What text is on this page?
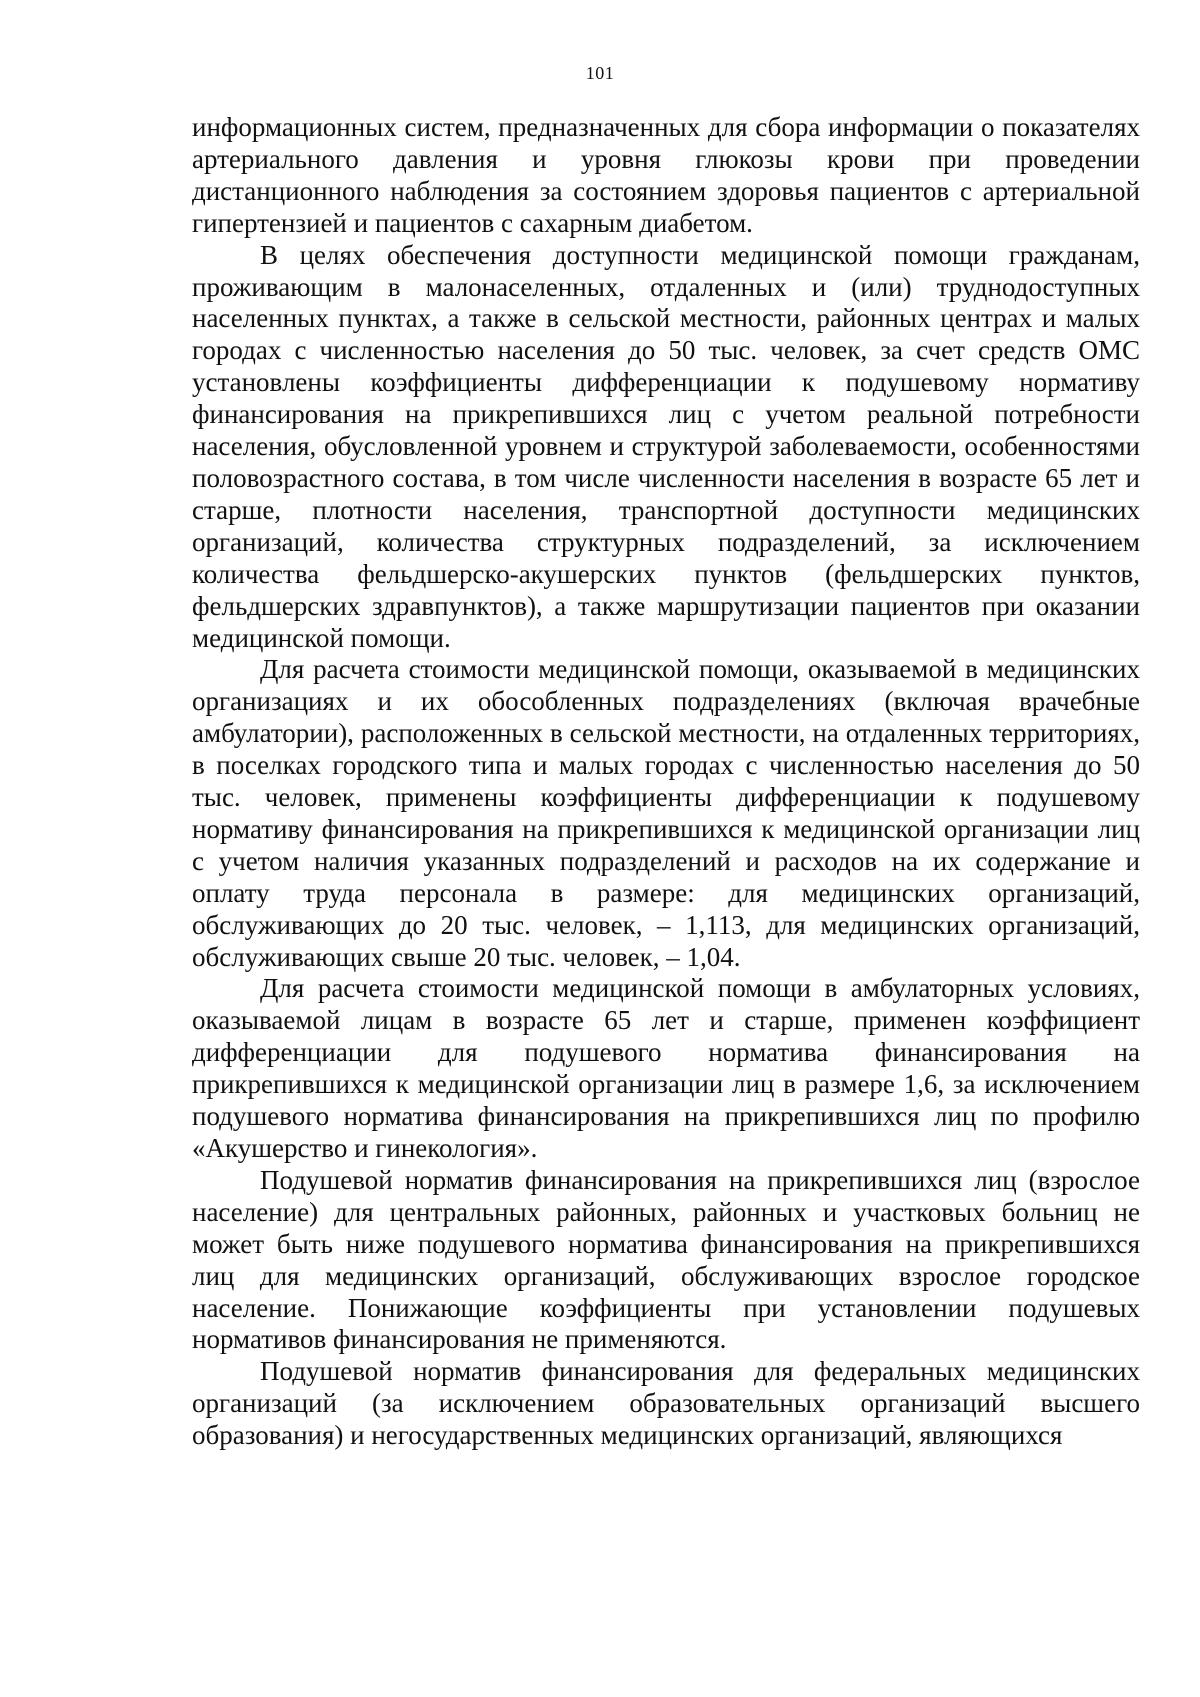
101

информационных систем, предназначенных для сбора информации о показателях артериального давления и уровня глюкозы крови при проведении дистанционного наблюдения за состоянием здоровья пациентов с артериальной гипертензией и пациентов с сахарным диабетом.

В целях обеспечения доступности медицинской помощи гражданам, проживающим в малонаселенных, отдаленных и (или) труднодоступных населенных пунктах, а также в сельской местности, районных центрах и малых городах с численностью населения до 50 тыс. человек, за счет средств ОМС установлены коэффициенты дифференциации к подушевому нормативу финансирования на прикрепившихся лиц с учетом реальной потребности населения, обусловленной уровнем и структурой заболеваемости, особенностями половозрастного состава, в том числе численности населения в возрасте 65 лет и старше, плотности населения, транспортной доступности медицинских организаций, количества структурных подразделений, за исключением количества фельдшерско-акушерских пунктов (фельдшерских пунктов, фельдшерских здравпунктов), а также маршрутизации пациентов при оказании медицинской помощи.

Для расчета стоимости медицинской помощи, оказываемой в медицинских организациях и их обособленных подразделениях (включая врачебные амбулатории), расположенных в сельской местности, на отдаленных территориях, в поселках городского типа и малых городах с численностью населения до 50 тыс. человек, применены коэффициенты дифференциации к подушевому нормативу финансирования на прикрепившихся к медицинской организации лиц с учетом наличия указанных подразделений и расходов на их содержание и оплату труда персонала в размере: для медицинских организаций, обслуживающих до 20 тыс. человек, – 1,113, для медицинских организаций, обслуживающих свыше 20 тыс. человек, – 1,04.

Для расчета стоимости медицинской помощи в амбулаторных условиях, оказываемой лицам в возрасте 65 лет и старше, применен коэффициент дифференциации для подушевого норматива финансирования на прикрепившихся к медицинской организации лиц в размере 1,6, за исключением подушевого норматива финансирования на прикрепившихся лиц по профилю «Акушерство и гинекология».

Подушевой норматив финансирования на прикрепившихся лиц (взрослое население) для центральных районных, районных и участковых больниц не может быть ниже подушевого норматива финансирования на прикрепившихся лиц для медицинских организаций, обслуживающих взрослое городское население. Понижающие коэффициенты при установлении подушевых нормативов финансирования не применяются.

Подушевой норматив финансирования для федеральных медицинских организаций (за исключением образовательных организаций высшего образования) и негосударственных медицинских организаций, являющихся
